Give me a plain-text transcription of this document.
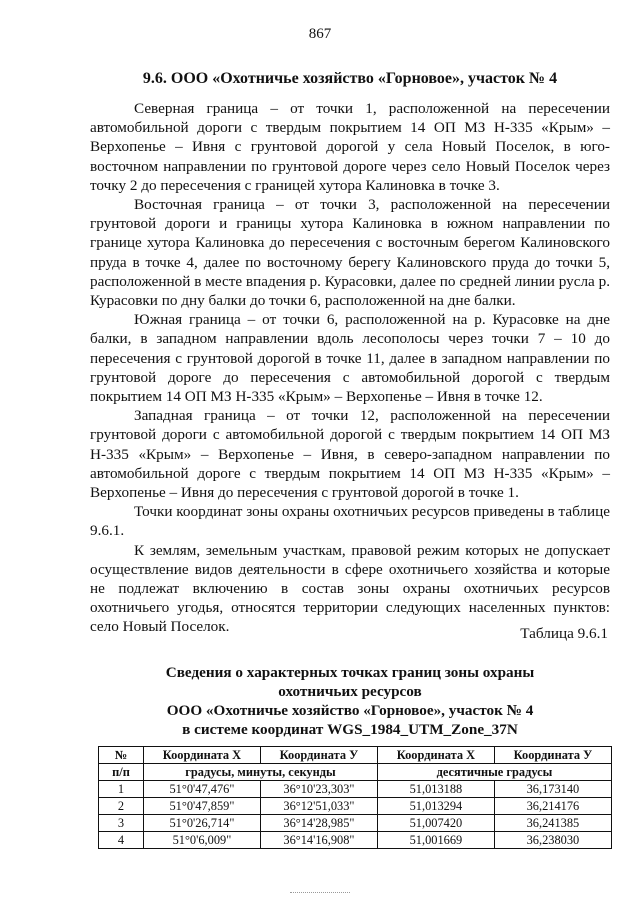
867
9.6. ООО «Охотничье хозяйство «Горновое», участок № 4

Северная граница – от точки 1, расположенной на пересечении автомобильной дороги с твердым покрытием 14 ОП МЗ Н-335 «Крым» – Верхопенье – Ивня с грунтовой дорогой у села Новый Поселок, в юго-восточном направлении по грунтовой дороге через село Новый Поселок через точку 2 до пересечения с границей хутора Калиновка в точке 3.

Восточная граница – от точки 3, расположенной на пересечении грунтовой дороги и границы хутора Калиновка в южном направлении по границе хутора Калиновка до пересечения с восточным берегом Калиновского пруда в точке 4, далее по восточному берегу Калиновского пруда до точки 5, расположенной в месте впадения р. Курасовки, далее по средней линии русла р. Курасовки по дну балки до точки 6, расположенной на дне балки.

Южная граница – от точки 6, расположенной на р. Курасовке на дне балки, в западном направлении вдоль лесополосы через точки 7 – 10 до пересечения с грунтовой дорогой в точке 11, далее в западном направлении по грунтовой дороге до пересечения с автомобильной дорогой с твердым покрытием 14 ОП МЗ Н-335 «Крым» – Верхопенье – Ивня в точке 12.

Западная граница – от точки 12, расположенной на пересечении грунтовой дороги с автомобильной дорогой с твердым покрытием 14 ОП МЗ Н-335 «Крым» – Верхопенье – Ивня, в северо-западном направлении по автомобильной дороге с твердым покрытием 14 ОП МЗ Н-335 «Крым» – Верхопенье – Ивня до пересечения с грунтовой дорогой в точке 1.

Точки координат зоны охраны охотничьих ресурсов приведены в таблице 9.6.1.

К землям, земельным участкам, правовой режим которых не допускает осуществление видов деятельности в сфере охотничьего хозяйства и которые не подлежат включению в состав зоны охраны охотничьих ресурсов охотничьего угодья, относятся территории следующих населенных пунктов: село Новый Поселок.	Таблица 9.6.1
Сведения о характерных точках границ зоны охраны
охотничьих ресурсов
ООО «Охотничье хозяйство «Горновое», участок № 4
в системе координат WGS_1984_UTM_Zone_37N
№	Координата X	Координата У	Координата X	Координата У
п/п	градусы, минуты, секунды		десятичные градусы	
1	51°0'47,476"	36°10'23,303"	51,013188	36,173140
2	51°0'47,859"	36°12'51,033"	51,013294	36,214176
3	51°0'26,714"	36°14'28,985"	51,007420	36,241385
4	51°0'6,009"	36°14'16,908"	51,001669	36,238030
